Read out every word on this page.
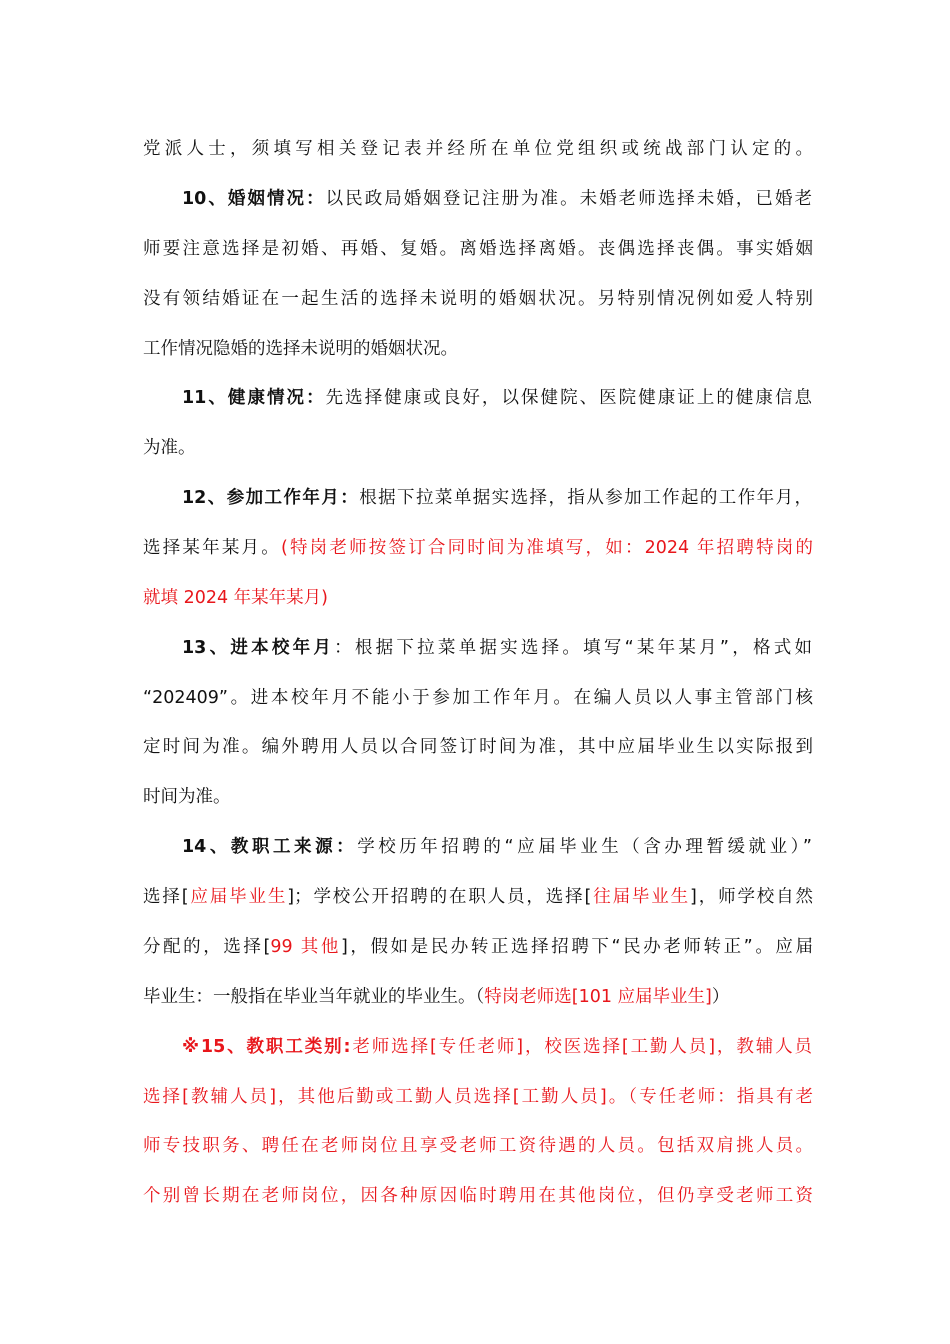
党派人士，须填写相关登记表并经所在单位党组织或统战部门认定的。
10、婚姻情况：以民政局婚姻登记注册为准。未婚老师选择未婚，已婚老
师要注意选择是初婚、再婚、复婚。离婚选择离婚。丧偶选择丧偶。事实婚姻
没有领结婚证在一起生活的选择未说明的婚姻状况。另特别情况例如爱人特别
工作情况隐婚的选择未说明的婚姻状况。
11、健康情况：先选择健康或良好，以保健院、医院健康证上的健康信息
为准。
12、参加工作年月：根据下拉菜单据实选择，指从参加工作起的工作年月，
选择某年某月。(特岗老师按签订合同时间为准填写，如：2024 年招聘特岗的
就填 2024 年某年某月)
13、进本校年月：根据下拉菜单据实选择。填写“某年某月”，格式如
“202409”。进本校年月不能小于参加工作年月。在编人员以人事主管部门核
定时间为准。编外聘用人员以合同签订时间为准，其中应届毕业生以实际报到
时间为准。
14、教职工来源：学校历年招聘的“应届毕业生（含办理暂缓就业）”
选择[应届毕业生]；学校公开招聘的在职人员，选择[往届毕业生]，师学校自然
分配的，选择[99 其他]，假如是民办转正选择招聘下“民办老师转正”。应届
毕业生：一般指在毕业当年就业的毕业生。（特岗老师选[101 应届毕业生]）
※15、教职工类别:老师选择[专任老师]，校医选择[工勤人员]，教辅人员
选择[教辅人员]，其他后勤或工勤人员选择[工勤人员]。（专任老师：指具有老
师专技职务、聘任在老师岗位且享受老师工资待遇的人员。包括双肩挑人员。
个别曾长期在老师岗位，因各种原因临时聘用在其他岗位，但仍享受老师工资
